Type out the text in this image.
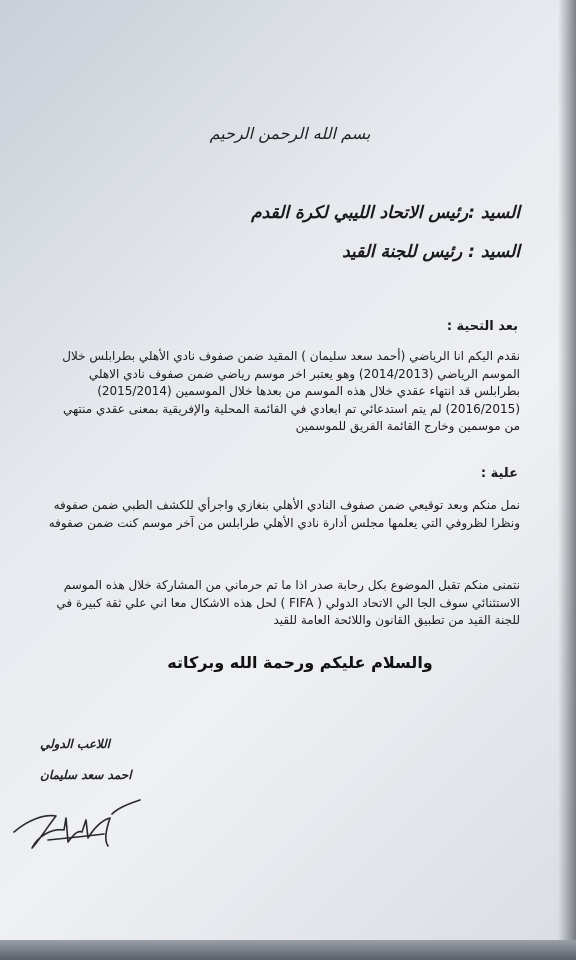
بسم الله الرحمن الرحيم
السيد :رئيس الاتحاد الليبي لكرة القدم
السيد : رئيس للجنة القيد
بعد التحية :
نقدم اليكم انا الرياضي (أحمد سعد سليمان ) المقيد ضمن صفوف نادي الأهلي بطرابلس خلال الموسم الرياضي (2014/2013) وهو يعتبر اخر موسم رياضي ضمن صفوف نادي الاهلي بطرابلس قد انتهاء عقدي خلال هذه الموسم من بعدها خلال الموسمين (2015/2014) (2016/2015) لم يتم استدعائي تم ابعادي في القائمة المحلية والإفريقية بمعنى عقدي منتهي من موسمين وخارج القائمة الفريق للموسمين
علية :
نمل منكم وبعد توقيعي ضمن صفوف النادي الأهلي بنغازي واجرأي للكشف الطبي ضمن صفوفه ونظرا لظروفي التي يعلمها مجلس أدارة نادي الأهلي طرابلس من آخر موسم كنت ضمن صفوفه
نتمنى منكم تقبل الموضوع بكل رحابة صدر اذا ما تم حرماني من المشاركة خلال هذه الموسم الاستثنائي سوف الجا الي الاتحاد الدولي ( FIFA ) لحل هذه الاشكال معا اني علي ثقة كبيرة في للجنة القيد من تطبيق القانون واللائحة العامة للقيد
والسلام عليكم ورحمة الله وبركاته
اللاعب الدولي
احمد سعد سليمان
